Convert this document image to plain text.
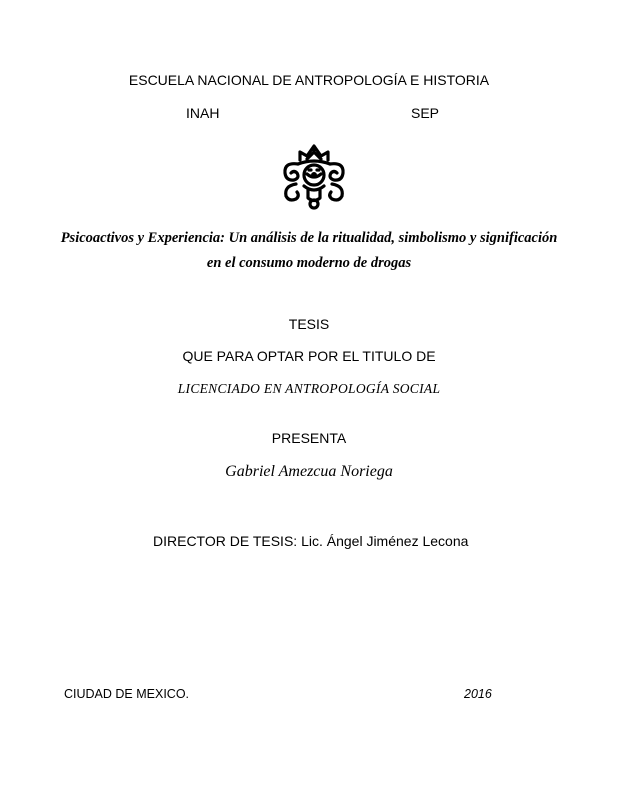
ESCUELA NACIONAL DE ANTROPOLOGÍA E HISTORIA
INAH	SEP
Psicoactivos y Experiencia: Un análisis de la ritualidad, simbolismo y significación
en el consumo moderno de drogas
TESIS
QUE PARA OPTAR POR EL TITULO DE
LICENCIADO EN ANTROPOLOGÍA SOCIAL
PRESENTA
Gabriel Amezcua Noriega
DIRECTOR DE TESIS: Lic. Ángel Jiménez Lecona
CIUDAD DE MEXICO.	2016
